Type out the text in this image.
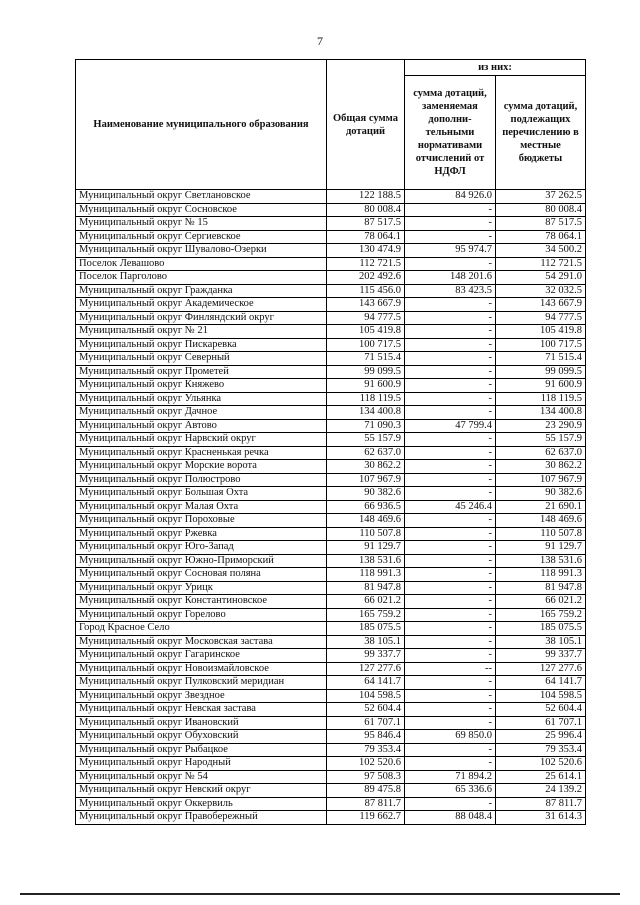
7
Наименование муниципального образования	Общая сумма дотаций	из них:	
		сумма дотаций, заменяемая дополни-тельными нормативами отчислений от НДФЛ	сумма дотаций, подлежащих перечислению в местные бюджеты
Муниципальный округ Светлановское	122 188.5	84 926.0	37 262.5
Муниципальный округ Сосновское	80 008.4	-	80 008.4
Муниципальный округ № 15	87 517.5	-	87 517.5
Муниципальный округ Сергиевское	78 064.1	-	78 064.1
Муниципальный округ Шувалово-Озерки	130 474.9	95 974.7	34 500.2
Поселок Левашово	112 721.5	-	112 721.5
Поселок Парголово	202 492.6	148 201.6	54 291.0
Муниципальный округ Гражданка	115 456.0	83 423.5	32 032.5
Муниципальный округ Академическое	143 667.9	-	143 667.9
Муниципальный округ Финляндский округ	94 777.5	-	94 777.5
Муниципальный округ № 21	105 419.8	-	105 419.8
Муниципальный округ Пискаревка	100 717.5	-	100 717.5
Муниципальный округ Северный	71 515.4	-	71 515.4
Муниципальный округ Прометей	99 099.5	-	99 099.5
Муниципальный округ Княжево	91 600.9	-	91 600.9
Муниципальный округ Ульянка	118 119.5	-	118 119.5
Муниципальный округ Дачное	134 400.8	-	134 400.8
Муниципальный округ Автово	71 090.3	47 799.4	23 290.9
Муниципальный округ Нарвский округ	55 157.9	-	55 157.9
Муниципальный округ Красненькая речка	62 637.0	-	62 637.0
Муниципальный округ Морские ворота	30 862.2	-	30 862.2
Муниципальный округ Полюстрово	107 967.9	-	107 967.9
Муниципальный округ Большая Охта	90 382.6	-	90 382.6
Муниципальный округ Малая Охта	66 936.5	45 246.4	21 690.1
Муниципальный округ Пороховые	148 469.6	-	148 469.6
Муниципальный округ Ржевка	110 507.8	-	110 507.8
Муниципальный округ Юго-Запад	91 129.7	-	91 129.7
Муниципальный округ Южно-Приморский	138 531.6	-	138 531.6
Муниципальный округ Сосновая поляна	118 991.3	-	118 991.3
Муниципальный округ Урицк	81 947.8	-	81 947.8
Муниципальный округ Константиновское	66 021.2	-	66 021.2
Муниципальный округ Горелово	165 759.2	-	165 759.2
Город Красное Село	185 075.5	-	185 075.5
Муниципальный округ Московская застава	38 105.1	-	38 105.1
Муниципальный округ Гагаринское	99 337.7	-	99 337.7
Муниципальный округ Новоизмайловское	127 277.6	--	127 277.6
Муниципальный округ Пулковский меридиан	64 141.7	-	64 141.7
Муниципальный округ Звездное	104 598.5	-	104 598.5
Муниципальный округ Невская застава	52 604.4	-	52 604.4
Муниципальный округ Ивановский	61 707.1	-	61 707.1
Муниципальный округ Обуховский	95 846.4	69 850.0	25 996.4
Муниципальный округ Рыбацкое	79 353.4	-	79 353.4
Муниципальный округ Народный	102 520.6	-	102 520.6
Муниципальный округ № 54	97 508.3	71 894.2	25 614.1
Муниципальный округ Невский округ	89 475.8	65 336.6	24 139.2
Муниципальный округ Оккервиль	87 811.7	-	87 811.7
Муниципальный округ Правобережный	119 662.7	88 048.4	31 614.3
